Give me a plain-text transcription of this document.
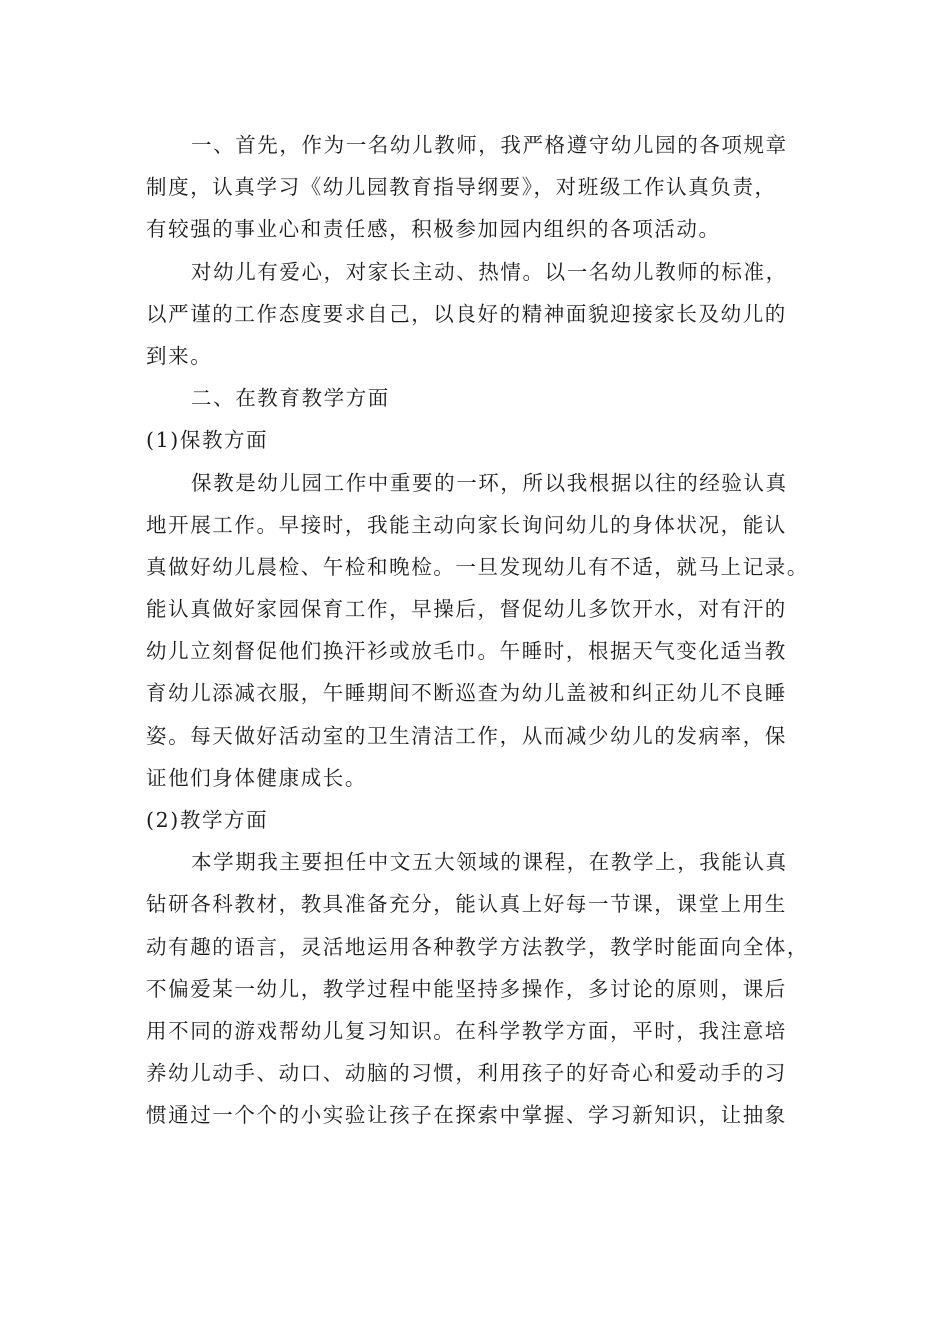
一、首先，作为一名幼儿教师，我严格遵守幼儿园的各项规章
制度，认真学习《幼儿园教育指导纲要》，对班级工作认真负责，
有较强的事业心和责任感，积极参加园内组织的各项活动。
对幼儿有爱心，对家长主动、热情。以一名幼儿教师的标准，
以严谨的工作态度要求自己，以良好的精神面貌迎接家长及幼儿的
到来。
二、在教育教学方面
(1)保教方面
保教是幼儿园工作中重要的一环，所以我根据以往的经验认真
地开展工作。早接时，我能主动向家长询问幼儿的身体状况，能认
真做好幼儿晨检、午检和晚检。一旦发现幼儿有不适，就马上记录。
能认真做好家园保育工作，早操后，督促幼儿多饮开水，对有汗的
幼儿立刻督促他们换汗衫或放毛巾。午睡时，根据天气变化适当教
育幼儿添减衣服，午睡期间不断巡查为幼儿盖被和纠正幼儿不良睡
姿。每天做好活动室的卫生清洁工作，从而减少幼儿的发病率，保
证他们身体健康成长。
(2)教学方面
本学期我主要担任中文五大领域的课程，在教学上，我能认真
钻研各科教材，教具准备充分，能认真上好每一节课，课堂上用生
动有趣的语言，灵活地运用各种教学方法教学，教学时能面向全体，
不偏爱某一幼儿，教学过程中能坚持多操作，多讨论的原则，课后
用不同的游戏帮幼儿复习知识。在科学教学方面，平时，我注意培
养幼儿动手、动口、动脑的习惯，利用孩子的好奇心和爱动手的习
惯通过一个个的小实验让孩子在探索中掌握、学习新知识，让抽象
